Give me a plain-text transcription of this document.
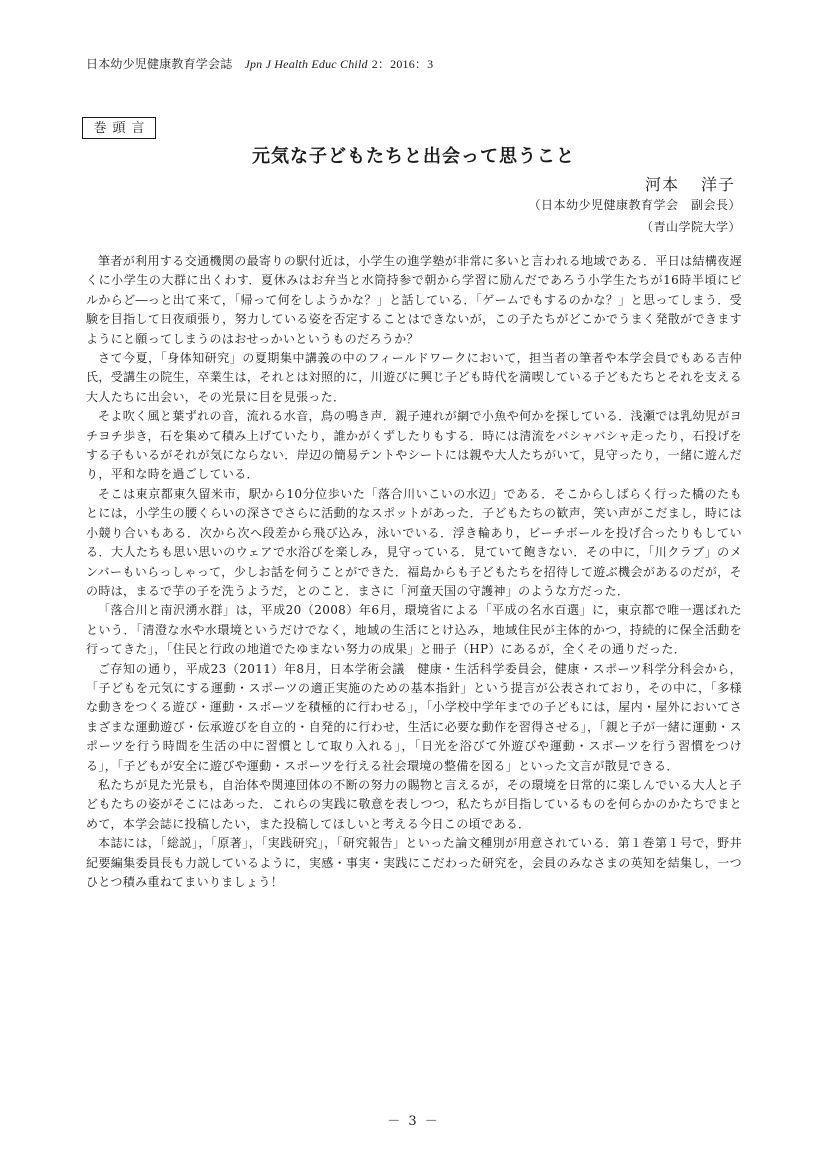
日本幼少児健康教育学会誌 Jpn J Health Educ Child 2：2016：3
巻頭言
元気な子どもたちと出会って思うこと
河本 洋子
（日本幼少児健康教育学会　副会長）
（青山学院大学）

筆者が利用する交通機関の最寄りの駅付近は，小学生の進学塾が非常に多いと言われる地域である．平日は結構夜遅くに小学生の大群に出くわす．夏休みはお弁当と水筒持参で朝から学習に励んだであろう小学生たちが16時半頃にビルからど―っと出て来て，「帰って何をしようかな？」と話している．「ゲームでもするのかな？」と思ってしまう．受験を目指して日夜頑張り，努力している姿を否定することはできないが，この子たちがどこかでうまく発散ができますようにと願ってしまうのはおせっかいというものだろうか？

さて今夏，「身体知研究」の夏期集中講義の中のフィールドワークにおいて，担当者の筆者や本学会員でもある吉仲氏，受講生の院生，卒業生は，それとは対照的に，川遊びに興じ子ども時代を満喫している子どもたちとそれを支える大人たちに出会い，その光景に目を見張った．

そよ吹く風と葉ずれの音，流れる水音，鳥の鳴き声．親子連れが網で小魚や何かを探している．浅瀬では乳幼児がヨチヨチ歩き，石を集めて積み上げていたり，誰かがくずしたりもする．時には清流をバシャバシャ走ったり，石投げをする子もいるがそれが気にならない．岸辺の簡易テントやシートには親や大人たちがいて，見守ったり，一緒に遊んだり，平和な時を過ごしている．

そこは東京都東久留米市，駅から10分位歩いた「落合川いこいの水辺」である．そこからしばらく行った橋のたもとには，小学生の腰くらいの深さでさらに活動的なスポットがあった．子どもたちの歓声，笑い声がこだまし，時には小競り合いもある．次から次へ段差から飛び込み，泳いでいる．浮き輪あり，ビーチボールを投げ合ったりもしている．大人たちも思い思いのウェアで水浴びを楽しみ，見守っている．見ていて飽きない．その中に，「川クラブ」のメンバーもいらっしゃって，少しお話を伺うことができた．福島からも子どもたちを招待して遊ぶ機会があるのだが，その時は，まるで芋の子を洗うようだ，とのこと．まさに「河童天国の守護神」のような方だった．

「落合川と南沢湧水群」は，平成20（2008）年6月，環境省による「平成の名水百選」に，東京都で唯一選ばれたという．「清澄な水や水環境というだけでなく，地域の生活にとけ込み，地域住民が主体的かつ，持続的に保全活動を行ってきた」，「住民と行政の地道でたゆまない努力の成果」と冊子（HP）にあるが，全くその通りだった．

ご存知の通り，平成23（2011）年8月，日本学術会議　健康・生活科学委員会，健康・スポーツ科学分科会から，「子どもを元気にする運動・スポーツの適正実施のための基本指針」という提言が公表されており，その中に，「多様な動きをつくる遊び・運動・スポーツを積極的に行わせる」，「小学校中学年までの子どもには，屋内・屋外においてさまざまな運動遊び・伝承遊びを自立的・自発的に行わせ，生活に必要な動作を習得させる」，「親と子が一緒に運動・スポーツを行う時間を生活の中に習慣として取り入れる」，「日光を浴びて外遊びや運動・スポーツを行う習慣をつける」，「子どもが安全に遊びや運動・スポーツを行える社会環境の整備を図る」といった文言が散見できる．

私たちが見た光景も，自治体や関連団体の不断の努力の賜物と言えるが，その環境を日常的に楽しんでいる大人と子どもたちの姿がそこにはあった．これらの実践に敬意を表しつつ，私たちが目指しているものを何らかのかたちでまとめて，本学会誌に投稿したい，また投稿してほしいと考える今日この頃である．

本誌には，「総説」，「原著」，「実践研究」，「研究報告」といった論文種別が用意されている．第１巻第１号で，野井紀要編集委員長も力説しているように，実感・事実・実践にこだわった研究を，会員のみなさまの英知を結集し，一つひとつ積み重ねてまいりましょう！

－ 3 －
